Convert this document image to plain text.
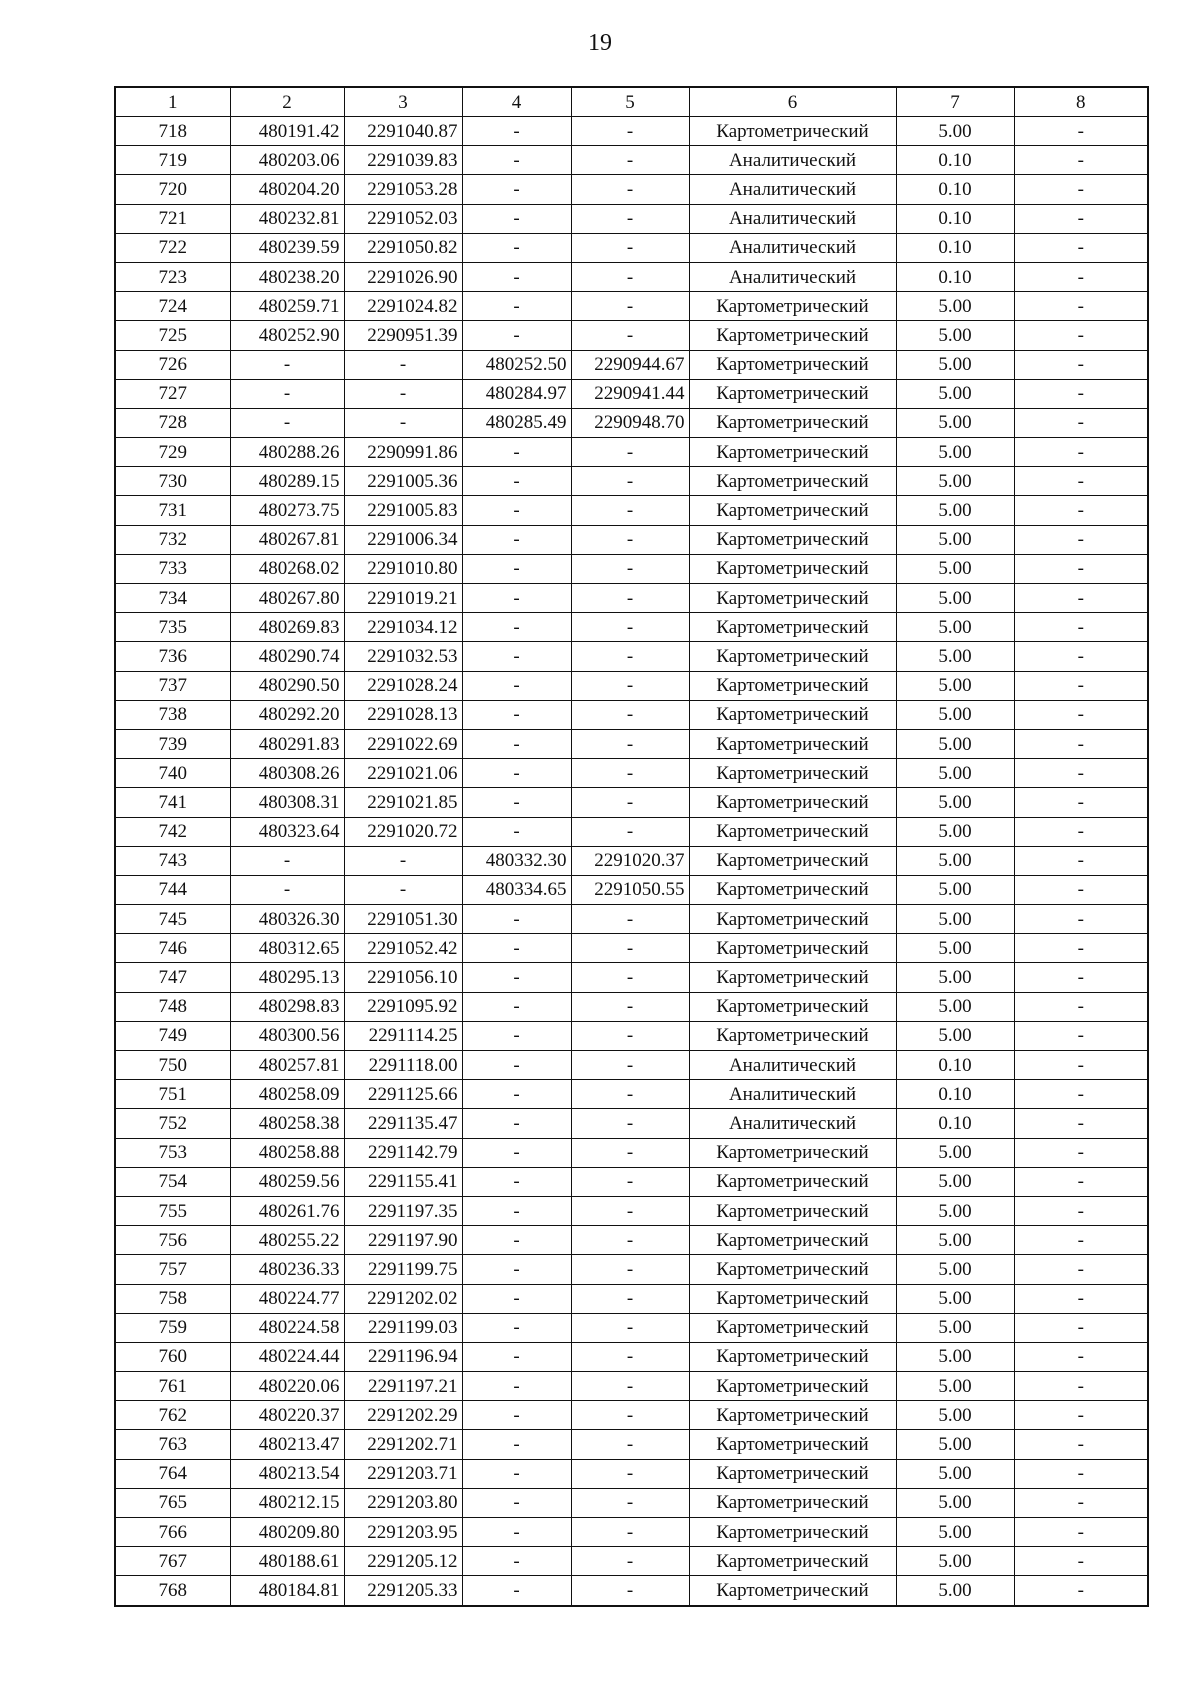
19
1	2	3	4	5	6	7	8
718	480191.42	2291040.87	-	-	Картометрический	5.00	-
719	480203.06	2291039.83	-	-	Аналитический	0.10	-
720	480204.20	2291053.28	-	-	Аналитический	0.10	-
721	480232.81	2291052.03	-	-	Аналитический	0.10	-
722	480239.59	2291050.82	-	-	Аналитический	0.10	-
723	480238.20	2291026.90	-	-	Аналитический	0.10	-
724	480259.71	2291024.82	-	-	Картометрический	5.00	-
725	480252.90	2290951.39	-	-	Картометрический	5.00	-
726	-	-	480252.50	2290944.67	Картометрический	5.00	-
727	-	-	480284.97	2290941.44	Картометрический	5.00	-
728	-	-	480285.49	2290948.70	Картометрический	5.00	-
729	480288.26	2290991.86	-	-	Картометрический	5.00	-
730	480289.15	2291005.36	-	-	Картометрический	5.00	-
731	480273.75	2291005.83	-	-	Картометрический	5.00	-
732	480267.81	2291006.34	-	-	Картометрический	5.00	-
733	480268.02	2291010.80	-	-	Картометрический	5.00	-
734	480267.80	2291019.21	-	-	Картометрический	5.00	-
735	480269.83	2291034.12	-	-	Картометрический	5.00	-
736	480290.74	2291032.53	-	-	Картометрический	5.00	-
737	480290.50	2291028.24	-	-	Картометрический	5.00	-
738	480292.20	2291028.13	-	-	Картометрический	5.00	-
739	480291.83	2291022.69	-	-	Картометрический	5.00	-
740	480308.26	2291021.06	-	-	Картометрический	5.00	-
741	480308.31	2291021.85	-	-	Картометрический	5.00	-
742	480323.64	2291020.72	-	-	Картометрический	5.00	-
743	-	-	480332.30	2291020.37	Картометрический	5.00	-
744	-	-	480334.65	2291050.55	Картометрический	5.00	-
745	480326.30	2291051.30	-	-	Картометрический	5.00	-
746	480312.65	2291052.42	-	-	Картометрический	5.00	-
747	480295.13	2291056.10	-	-	Картометрический	5.00	-
748	480298.83	2291095.92	-	-	Картометрический	5.00	-
749	480300.56	2291114.25	-	-	Картометрический	5.00	-
750	480257.81	2291118.00	-	-	Аналитический	0.10	-
751	480258.09	2291125.66	-	-	Аналитический	0.10	-
752	480258.38	2291135.47	-	-	Аналитический	0.10	-
753	480258.88	2291142.79	-	-	Картометрический	5.00	-
754	480259.56	2291155.41	-	-	Картометрический	5.00	-
755	480261.76	2291197.35	-	-	Картометрический	5.00	-
756	480255.22	2291197.90	-	-	Картометрический	5.00	-
757	480236.33	2291199.75	-	-	Картометрический	5.00	-
758	480224.77	2291202.02	-	-	Картометрический	5.00	-
759	480224.58	2291199.03	-	-	Картометрический	5.00	-
760	480224.44	2291196.94	-	-	Картометрический	5.00	-
761	480220.06	2291197.21	-	-	Картометрический	5.00	-
762	480220.37	2291202.29	-	-	Картометрический	5.00	-
763	480213.47	2291202.71	-	-	Картометрический	5.00	-
764	480213.54	2291203.71	-	-	Картометрический	5.00	-
765	480212.15	2291203.80	-	-	Картометрический	5.00	-
766	480209.80	2291203.95	-	-	Картометрический	5.00	-
767	480188.61	2291205.12	-	-	Картометрический	5.00	-
768	480184.81	2291205.33	-	-	Картометрический	5.00	-
